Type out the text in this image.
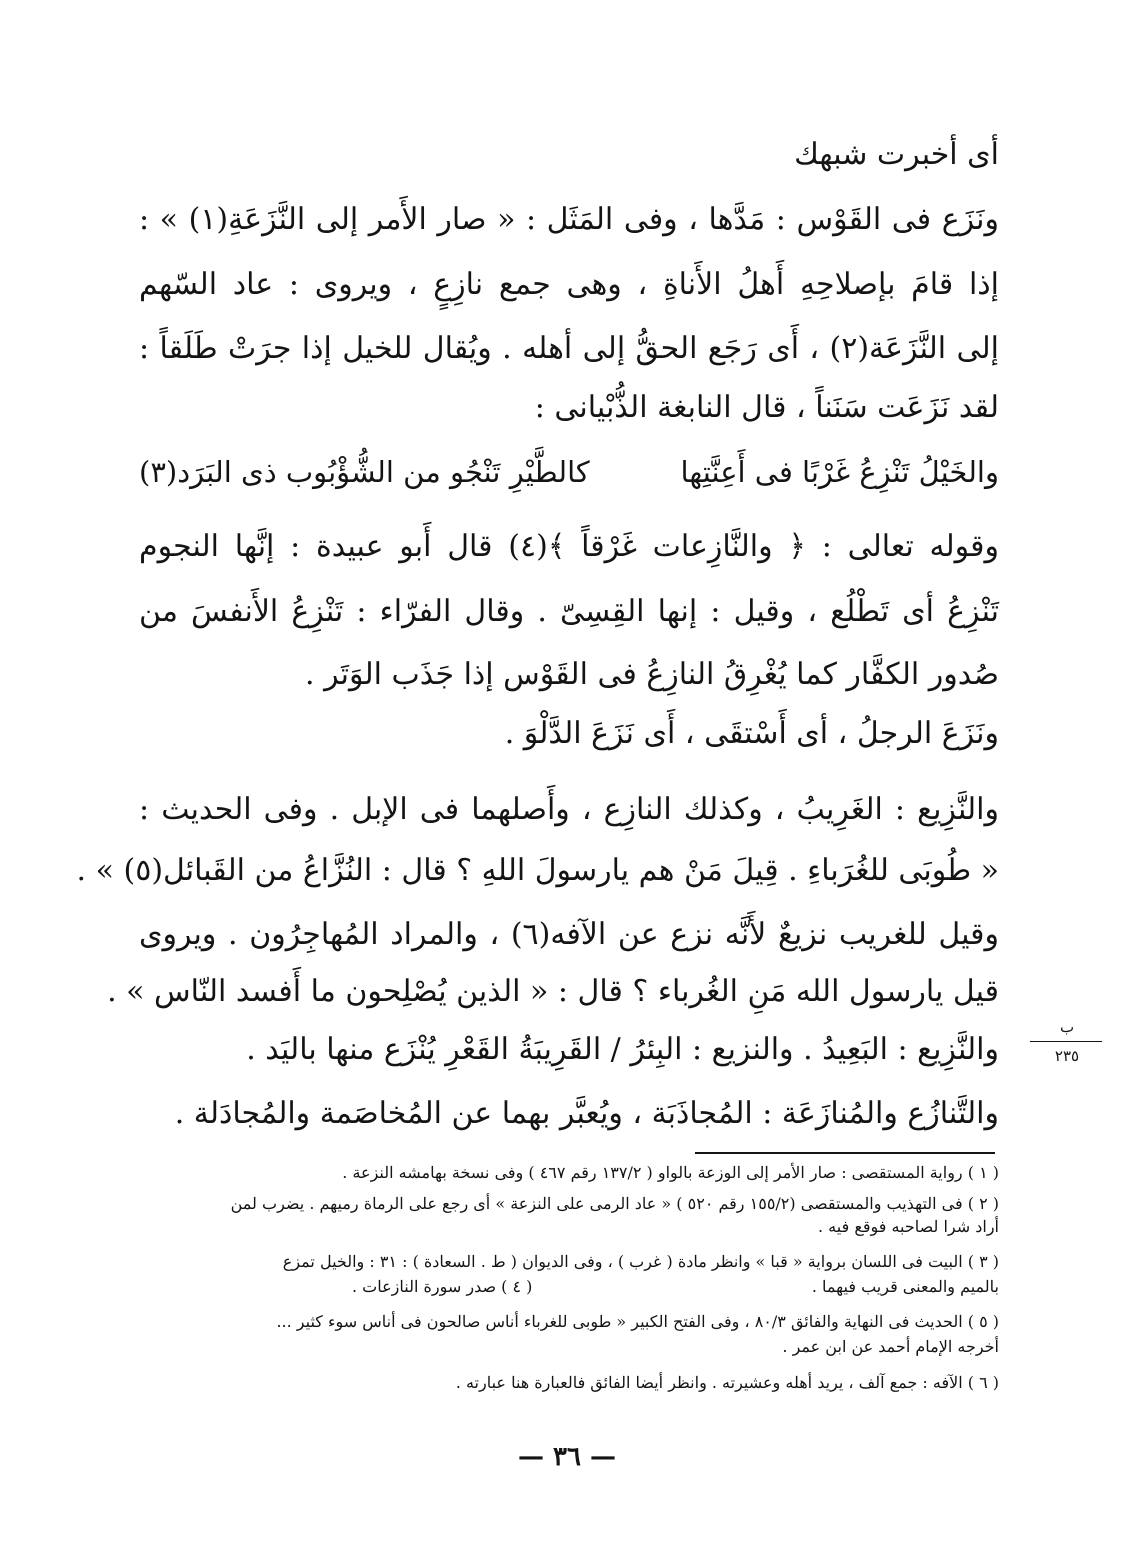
أى أخبرت شبهك
ونَزَع فى القَوْس : مَدَّها ، وفى المَثَل : « صار الأَمر إلى النَّزَعَةِ(١) » :
إذا قامَ بإصلاحِهِ أَهلُ الأَناةِ ، وهى جمع نازِعٍ ، ويروى : عاد السّهم
إلى النَّزَعَة(٢) ، أَى رَجَع الحقُّ إلى أهله . ويُقال للخيل إذا جرَتْ طَلَقاً :
لقد نَزَعَت سَنَناً ، قال النابغة الذُّبْيانى :
والخَيْلُ تَنْزِعُ غَرْبًا فى أَعِنَّتِها
كالطَّيْرِ تَنْجُو من الشُّؤْبُوب ذى البَرَد(٣)
وقوله تعالى : ﴿ والنَّازِعات غَرْقاً ﴾(٤) قال أَبو عبيدة : إنَّها النجوم
تَنْزِعُ أى تَطْلُع ، وقيل : إنها القِسِىّ . وقال الفرّاء : تَنْزِعُ الأَنفسَ من
صُدور الكفَّار كما يُغْرِقُ النازِعُ فى القَوْس إذا جَذَب الوَتَر .
ونَزَعَ الرجلُ ، أى أَسْتقَى ، أَى نَزَعَ الدَّلْوَ .
والنَّزِيع : الغَرِيبُ ، وكذلك النازِع ، وأَصلهما فى الإبل . وفى الحديث :
« طُوبَى للغُرَباءِ . قِيلَ مَنْ هم يارسولَ اللهِ ؟ قال : النُزَّاعُ من القَبائل(٥) » .
وقيل للغريب نزيعٌ لأَنَّه نزع عن الآفه(٦) ، والمراد المُهاجِرُون . ويروى
قيل يارسول الله مَنِ الغُرباء ؟ قال : « الذين يُصْلِحون ما أَفسد النّاس » .
والنَّزِيع : البَعِيدُ . والنزيع : البِئرُ / القَرِيبَةُ القَعْرِ يُنْزَع منها باليَد .
والتَّنازُع والمُنازَعَة : المُجاذَبَة ، ويُعبَّر بهما عن المُخاصَمة والمُجادَلة .
ب
٢٣٥
( ١ ) رواية المستقصى : صار الأمر إلى الوزعة بالواو ( ١٣٧/٢ رقم ٤٦٧ ) وفى نسخة بهامشه النزعة .
( ٢ ) فى التهذيب والمستقصى (١٥٥/٢ رقم ٥٢٠ ) « عاد الرمى على النزعة » أى رجع على الرماة رميهم . يضرب لمن
أراد شرا لصاحبه فوقع فيه .
( ٣ ) البيت فى اللسان برواية « قبا » وانظر مادة ( غرب ) ، وفى الديوان ( ط . السعادة ) : ٣١ : والخيل تمزع
بالميم والمعنى قريب فيهما .
( ٤ ) صدر سورة النازعات .
( ٥ ) الحديث فى النهاية والفائق ٨٠/٣ ، وفى الفتح الكبير « طوبى للغرباء أناس صالحون فى أناس سوء كثير ...
أخرجه الإمام أحمد عن ابن عمر .
( ٦ ) الآفه : جمع آلف ، يريد أهله وعشيرته . وانظر أيضا الفائق فالعبارة هنا عبارته .
— ٣٦ —
